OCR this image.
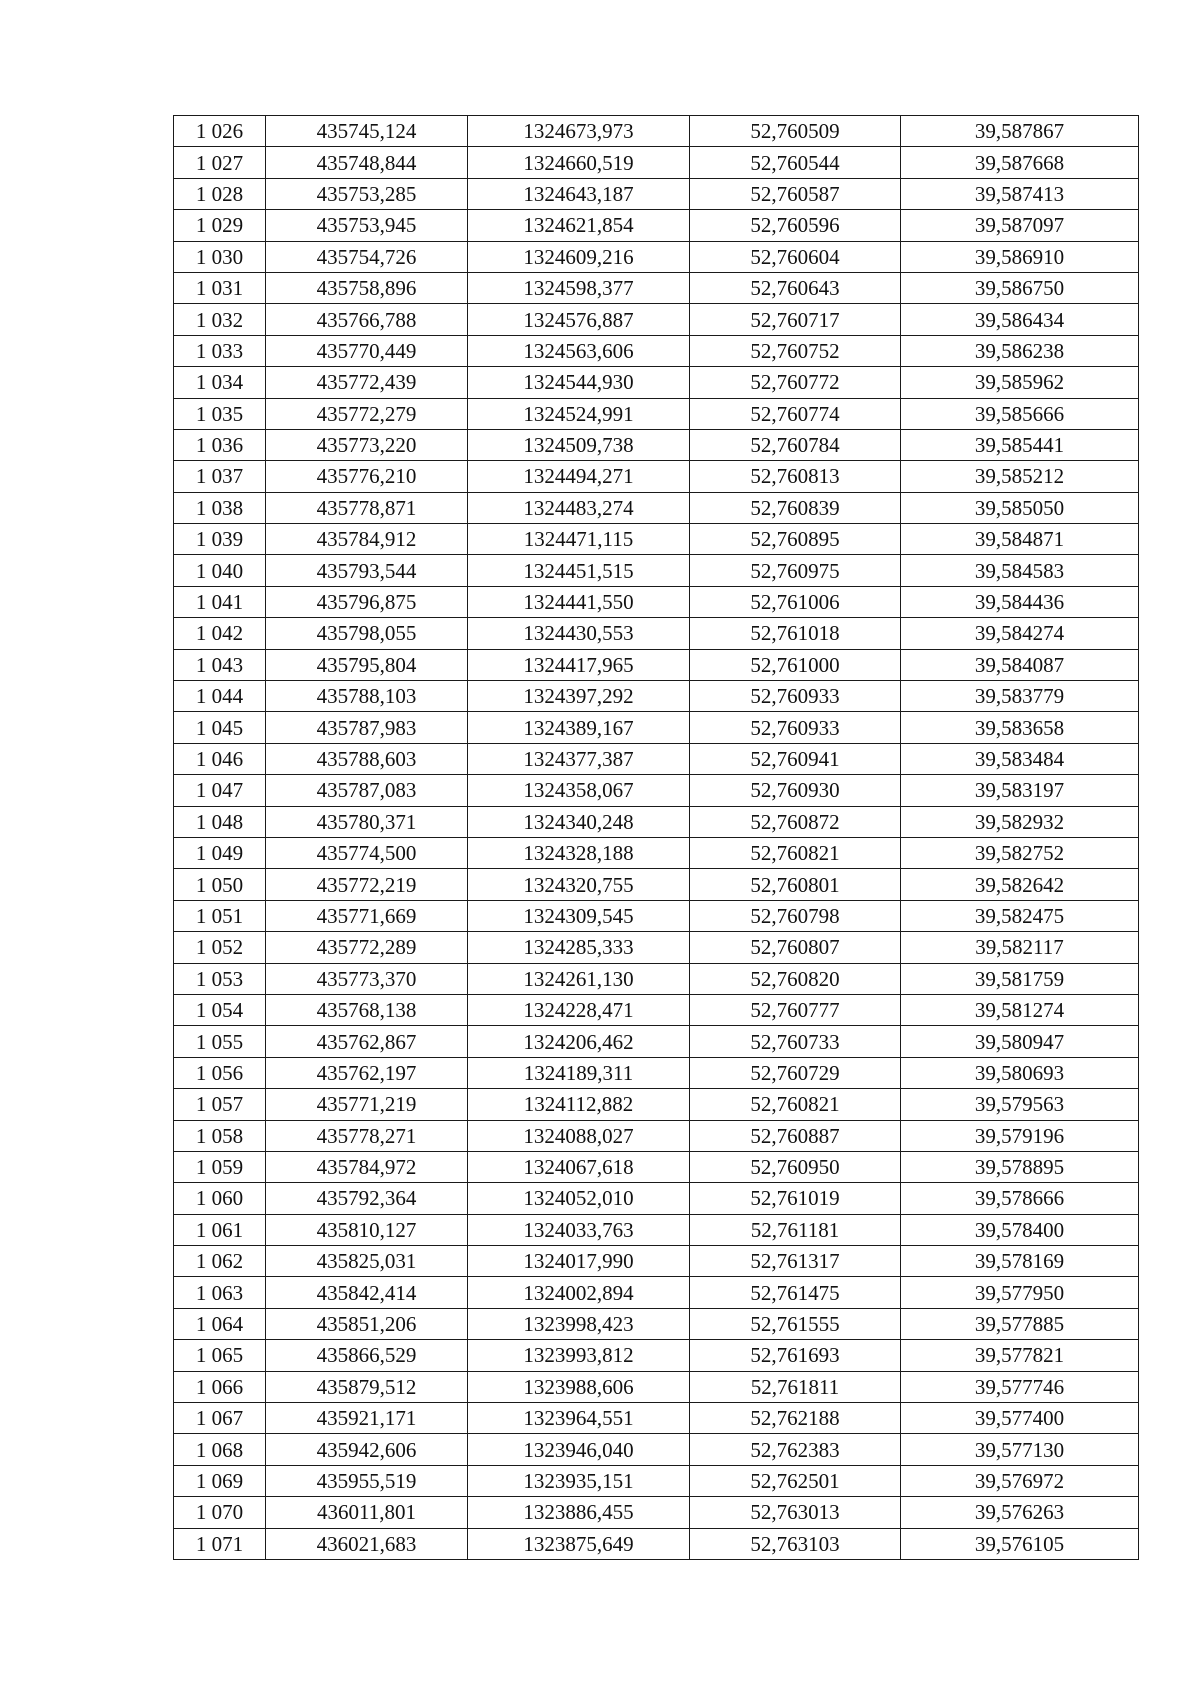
1 026	435745,124	1324673,973	52,760509	39,587867
1 027	435748,844	1324660,519	52,760544	39,587668
1 028	435753,285	1324643,187	52,760587	39,587413
1 029	435753,945	1324621,854	52,760596	39,587097
1 030	435754,726	1324609,216	52,760604	39,586910
1 031	435758,896	1324598,377	52,760643	39,586750
1 032	435766,788	1324576,887	52,760717	39,586434
1 033	435770,449	1324563,606	52,760752	39,586238
1 034	435772,439	1324544,930	52,760772	39,585962
1 035	435772,279	1324524,991	52,760774	39,585666
1 036	435773,220	1324509,738	52,760784	39,585441
1 037	435776,210	1324494,271	52,760813	39,585212
1 038	435778,871	1324483,274	52,760839	39,585050
1 039	435784,912	1324471,115	52,760895	39,584871
1 040	435793,544	1324451,515	52,760975	39,584583
1 041	435796,875	1324441,550	52,761006	39,584436
1 042	435798,055	1324430,553	52,761018	39,584274
1 043	435795,804	1324417,965	52,761000	39,584087
1 044	435788,103	1324397,292	52,760933	39,583779
1 045	435787,983	1324389,167	52,760933	39,583658
1 046	435788,603	1324377,387	52,760941	39,583484
1 047	435787,083	1324358,067	52,760930	39,583197
1 048	435780,371	1324340,248	52,760872	39,582932
1 049	435774,500	1324328,188	52,760821	39,582752
1 050	435772,219	1324320,755	52,760801	39,582642
1 051	435771,669	1324309,545	52,760798	39,582475
1 052	435772,289	1324285,333	52,760807	39,582117
1 053	435773,370	1324261,130	52,760820	39,581759
1 054	435768,138	1324228,471	52,760777	39,581274
1 055	435762,867	1324206,462	52,760733	39,580947
1 056	435762,197	1324189,311	52,760729	39,580693
1 057	435771,219	1324112,882	52,760821	39,579563
1 058	435778,271	1324088,027	52,760887	39,579196
1 059	435784,972	1324067,618	52,760950	39,578895
1 060	435792,364	1324052,010	52,761019	39,578666
1 061	435810,127	1324033,763	52,761181	39,578400
1 062	435825,031	1324017,990	52,761317	39,578169
1 063	435842,414	1324002,894	52,761475	39,577950
1 064	435851,206	1323998,423	52,761555	39,577885
1 065	435866,529	1323993,812	52,761693	39,577821
1 066	435879,512	1323988,606	52,761811	39,577746
1 067	435921,171	1323964,551	52,762188	39,577400
1 068	435942,606	1323946,040	52,762383	39,577130
1 069	435955,519	1323935,151	52,762501	39,576972
1 070	436011,801	1323886,455	52,763013	39,576263
1 071	436021,683	1323875,649	52,763103	39,576105
